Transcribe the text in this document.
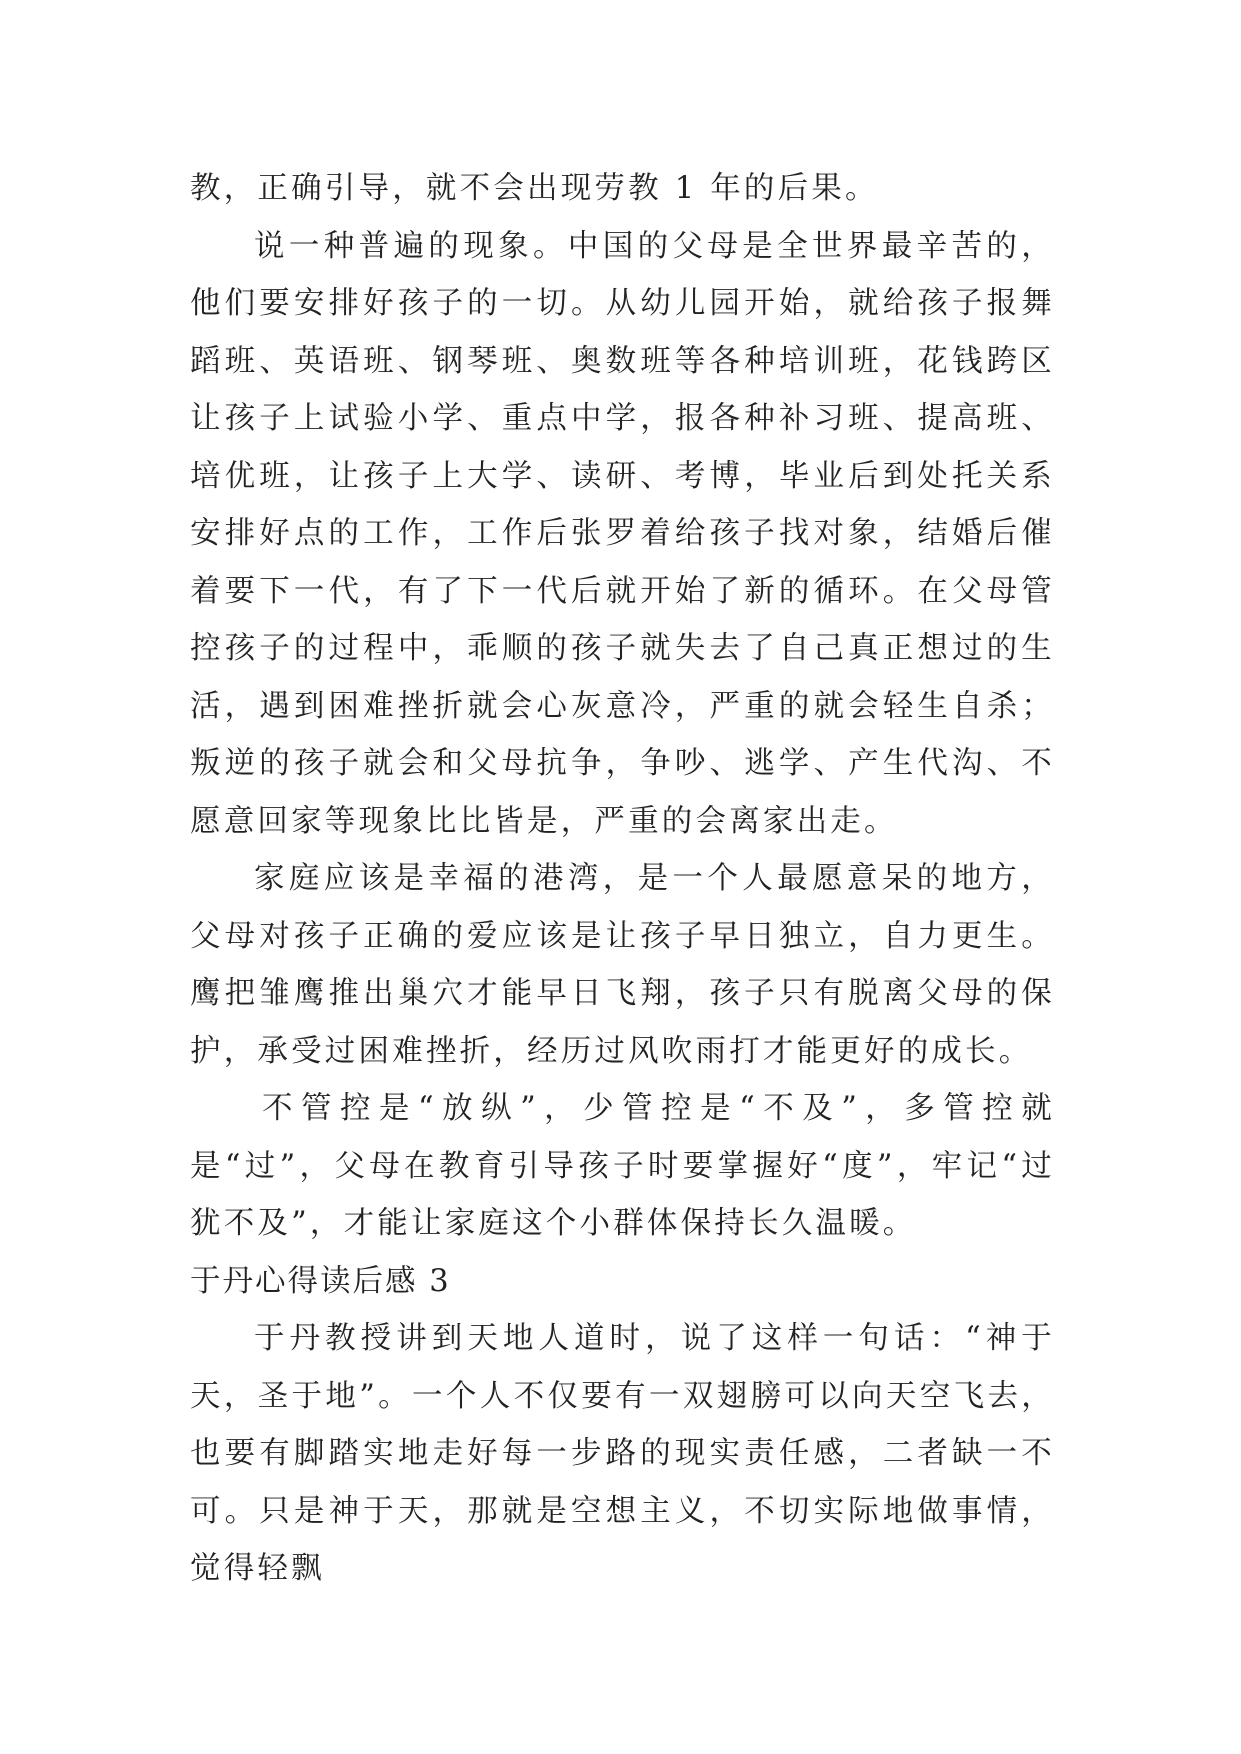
教，正确引导，就不会出现劳教 1 年的后果。

说一种普遍的现象。中国的父母是全世界最辛苦的，他们要安排好孩子的一切。从幼儿园开始，就给孩子报舞蹈班、英语班、钢琴班、奥数班等各种培训班，花钱跨区让孩子上试验小学、重点中学，报各种补习班、提高班、培优班，让孩子上大学、读研、考博，毕业后到处托关系安排好点的工作，工作后张罗着给孩子找对象，结婚后催着要下一代，有了下一代后就开始了新的循环。在父母管控孩子的过程中，乖顺的孩子就失去了自己真正想过的生活，遇到困难挫折就会心灰意冷，严重的就会轻生自杀；叛逆的孩子就会和父母抗争，争吵、逃学、产生代沟、不愿意回家等现象比比皆是，严重的会离家出走。

家庭应该是幸福的港湾，是一个人最愿意呆的地方，父母对孩子正确的爱应该是让孩子早日独立，自力更生。鹰把雏鹰推出巢穴才能早日飞翔，孩子只有脱离父母的保护，承受过困难挫折，经历过风吹雨打才能更好的成长。

不管控是“放纵”，少管控是“不及”，多管控就是“过”，父母在教育引导孩子时要掌握好“度”，牢记“过犹不及”，才能让家庭这个小群体保持长久温暖。

于丹心得读后感 3

于丹教授讲到天地人道时，说了这样一句话：“神于天，圣于地”。一个人不仅要有一双翅膀可以向天空飞去，也要有脚踏实地走好每一步路的现实责任感，二者缺一不可。只是神于天，那就是空想主义，不切实际地做事情，觉得轻飘
